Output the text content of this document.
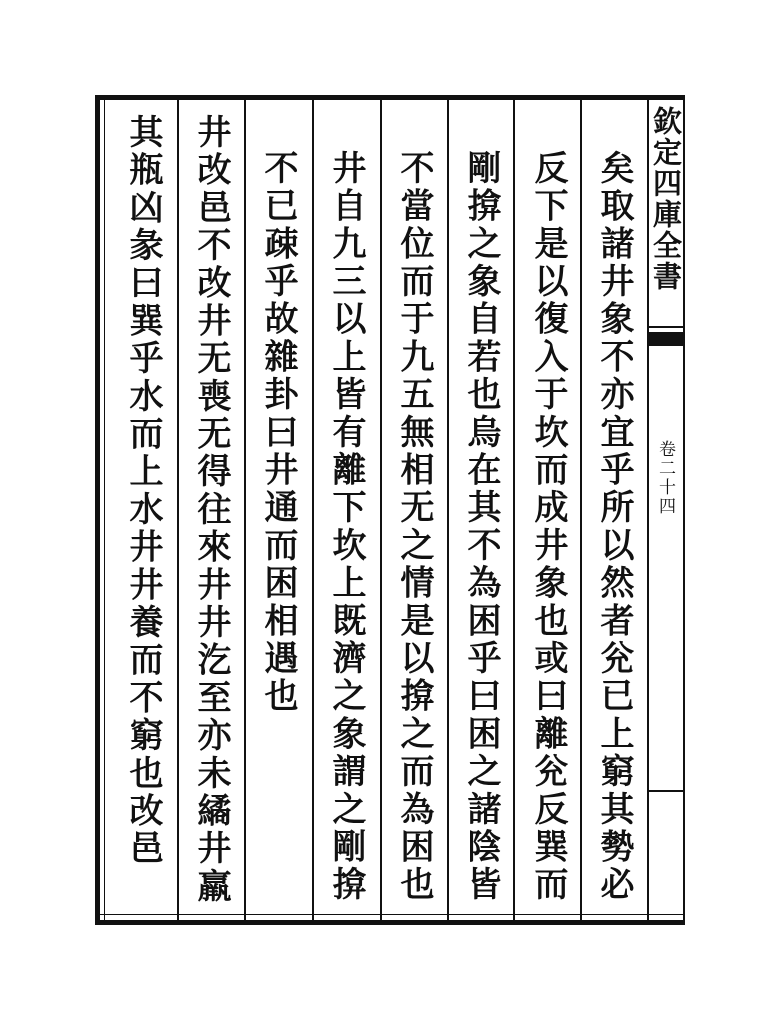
欽定四庫全書
卷二十四
矣取諸井象不亦宜乎所以然者兊已上窮其勢必
反下是以復入于坎而成井象也或曰離兊反巽而
剛揜之象自若也烏在其不為困乎曰困之諸陰皆
不當位而于九五無相无之情是以揜之而為困也
井自九三以上皆有離下坎上既濟之象謂之剛揜
不已疎乎故雜卦曰井通而困相遇也
井改邑不改井无喪无得往來井井汔至亦未繘井羸
其瓶凶彖曰巽乎水而上水井井養而不窮也改邑
